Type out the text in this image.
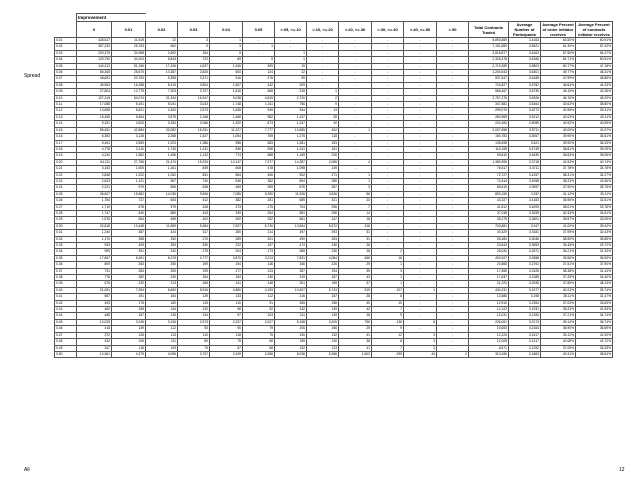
Spread
All	12
	Improvement															
	0	0.01	0.02	0.03	0.04	0.05	>.05, <=.10	>.10, <=.20	>.20, <=.30	>.30, <=.40	>.40, <=.50	>.50	Total Contracts Traded	Average Number of Participants	Average Percent of order initiator receives	Average Percent of contracts initiator receives
0.01	428,517	11,519	22	3	1	-	-	-	-	-	-	-	8,893,869	3.4164	63.50%	60.91%
0.02	357,233	25,763	662	9	3	1	-	-	-	-	-	-	7,191,850	3.6521	61.30%	57.42%
0.03	203,379	34,958	2,692	184	5	-	1	-	-	-	-	-	3,818,877	3.6163	57.50%	54.47%
0.04	129,790	34,204	5,843	722	69	5	1	-	-	-	-	-	2,326,478	3.6166	54.71%	50.91%
0.05	144,213	51,196	17,106	4,637	1,345	309	19	-	-	-	-	-	2,719,289	3.5803	50.77%	47.18%
0.06	65,305	25,670	10,287	2,826	600	124	22	-	-	-	-	-	1,204,643	3.6301	49.77%	46.31%
0.07	48,691	20,753	9,355	3,371	916	278	99	-	-	-	-	-	937,547	3.6185	47.99%	45.86%
0.08	36,563	16,288	8,415	3,804	1,507	442	209	-	-	-	-	-	724,827	3.5782	46.64%	44.33%
0.09	27,804	12,779	7,203	3,707	1,816	665	315	1	-	-	-	-	566,467	3.5739	45.15%	42.26%
0.10	127,319	54,074	31,334	16,947	9,038	4,815	2,720	2	-	-	-	-	2,757,276	3.5326	46.76%	45.20%
0.11	17,085	8,151	5,041	3,033	1,748	1,011	756	9	-	-	-	-	347,882	3.5464	43.63%	38.80%
0.12	13,698	6,621	4,300	2,573	1,638	949	944	13	-	-	-	-	299,070	3.5273	42.55%	39.31%
0.13	15,455	5,464	3,575	2,168	1,468	982	1,137	28	-	-	-	-	260,969	3.5212	42.03%	40.11%
0.14	9,151	4,520	3,184	2,066	1,320	873	1,247	40	-	-	-	-	224,453	3.5059	40.92%	40.59%
0.15	85,451	42,584	33,082	18,251	11,227	7,777	10,655	402	1	-	-	-	2,007,698	3.5711	43.09%	41.07%
0.16	6,383	3,128	2,268	1,527	1,054	769	1,275	118	-	-	-	-	150,783	3.5057	39.90%	36.51%
0.17	5,461	2,559	1,923	1,386	958	683	1,281	153	-	-	-	-	135,698	3.521	39.90%	36.33%
0.18	4,778	2,210	1,743	1,231	836	598	1,241	161	-	-	-	-	115,155	3.4749	38.81%	39.29%
0.19	4,240	1,962	1,496	1,132	774	588	1,169	226	-	-	-	-	99,810	3.4639	38.83%	35.06%
0.20	64,211	27,756	21,474	15,293	10,147	7,977	14,287	2,085	4	-	-	-	1,380,995	3.3718	42.93%	40.74%
0.21	3,153	1,505	1,161	849	608	478	1,098	249	-	-	-	-	76,517	3.4711	37.78%	34.78%
0.22	2,848	1,222	1,052	831	564	406	902	271	1	-	-	-	72,727	3.4257	38.31%	34.27%
0.23	2,623	1,121	967	740	546	382	894	286	1	-	-	-	74,444	3.4058	38.23%	43.36%
0.24	2,321	979	855	638	469	359	876	287	3	-	-	-	56,819	3.3997	37.90%	35.75%
0.25	36,507	15,582	14,036	9,906	7,085	5,390	11,926	3,636	56	-	-	-	853,159	3.332	41.12%	39.11%
0.26	1,784	727	653	512	382	281	689	321	20	-	-	-	43,227	3.4183	36.96%	32.61%
0.27	1,719	678	579	428	373	275	704	296	7	-	-	-	41,812	3.4093	38.01%	33.76%
0.28	1,747	640	560	443	339	254	581	296	14	-	-	-	37,038	3.3259	40.33%	34.51%
0.29	1,576	654	469	402	300	252	561	247	18	-	-	-	35,279	3.2801	39.57%	33.09%
0.30	32,818	13,448	11,589	9,484	7,527	6,730	13,564	5,572	318	-	-	-	703,881	3.347	41.00%	39.42%
0.31	1,240	487	424	317	280	214	497	293	31	-	-	-	30,329	3.3181	37.99%	32.43%
0.32	1,170	398	332	270	269	201	490	263	31	-	-	-	26,484	3.3046	38.59%	35.85%
0.33	933	409	353	330	222	197	474	236	26	-	-	-	23,843	3.3553	35.45%	29.72%
0.34	909	391	342	278	204	173	385	236	28	2	-	-	25,040	3.2671	36.21%	31.33%
0.35	17,667	6,261	6,219	4,777	3,870	3,213	7,831	4,084	466	16	-	-	400,927	3.2658	39.56%	36.93%
0.36	809	263	255	199	194	146	346	226	29	1	-	-	20,868	3.2761	37.51%	37.90%
0.37	731	284	269	199	177	123	357	194	39	3	-	-	17,855	3.2426	38.38%	31.44%
0.38	776	282	240	184	154	136	319	187	43	1	-	-	17,637	3.2285	37.25%	34.40%
0.39	676	232	213	165	141	148	301	195	37	1	-	-	21,223	3.2945	37.85%	48.13%
0.40	21,051	7,354	6,650	5,916	4,860	4,193	10,407	5,743	919	107	1	-	434,231	3.2477	40.23%	35.74%
0.41	557	191	164	139	133	112	216	157	28	8	-	-	13,586	3.198	38.11%	31.47%
0.42	493	175	160	115	110	91	265	158	40	10	-	-	12,910	3.2354	37.03%	33.63%
0.43	460	165	144	132	98	92	242	139	42	7	-	-	12,122	3.1931	35.23%	31.93%
0.44	468	157	126	134	97	103	211	139	28	9	-	-	12,031	3.2153	37.21%	34.74%
0.45	10,025	3,245	3,106	2,573	2,237	2,027	5,158	3,205	796	136	8	-	226,061	3.2173	39.14%	36.74%
0.46	418	139	112	93	90	79	206	156	29	9	-	-	10,653	3.2164	36.90%	36.69%
0.47	372	126	113	110	118	75	190	132	41	12	3	-	12,224	3.1617	33.12%	41.92%
0.48	432	106	111	89	75	68	195	126	38	8	3	-	12,005	3.1217	40.08%	42.72%
0.49	347	116	109	79	67	68	192	123	41	7	3	-	8,671	3.1292	37.05%	34.29%
0.50	14,361	4,379	4,056	3,707	3,249	3,286	8,036	5,266	1,502	295	44	2	313,496	3.1863	40.31%	38.64%
